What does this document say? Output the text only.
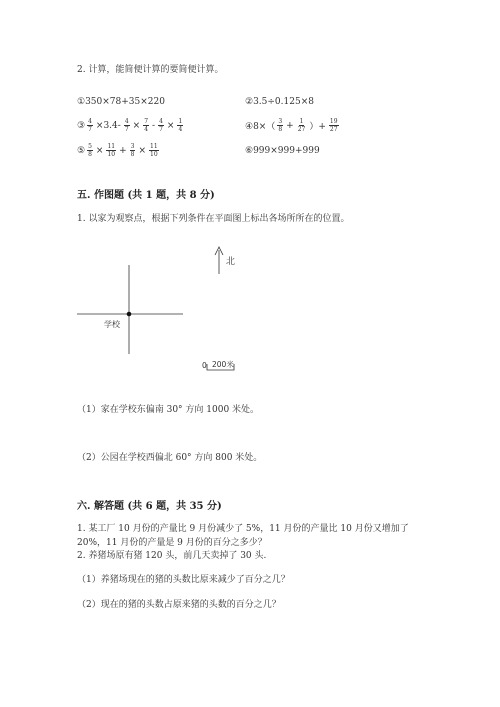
2. 计算，能简便计算的要简便计算。
①350×78+35×220	②3.5÷0.125×8
③ $\frac{4}{7} \times 3.4- \frac{4}{7} \times \frac{7}{4} - \frac{4}{7} \times \frac{1}{4}$	④8×（ $\frac{3}{8} + \frac{1}{27}$ ）+ $\frac{19}{27}$
⑤ $\frac{5}{8} \times \frac{11}{10} + \frac{3}{8} \times \frac{11}{10}$	⑥999×999+999
五. 作图题 (共 1 题，共 8 分)
1. 以家为观察点，根据下列条件在平面图上标出各场所所在的位置。
北
学校
0 200米
（1）家在学校东偏南 30° 方向 1000 米处。
（2）公园在学校西偏北 60° 方向 800 米处。
六. 解答题 (共 6 题，共 35 分)
1. 某工厂 10 月份的产量比 9 月份减少了 5%，11 月份的产量比 10 月份又增加了
20%，11 月份的产量是 9 月份的百分之多少？
2. 养猪场原有猪 120 头，前几天卖掉了 30 头.
（1）养猪场现在的猪的头数比原来减少了百分之几？
（2）现在的猪的头数占原来猪的头数的百分之几？
